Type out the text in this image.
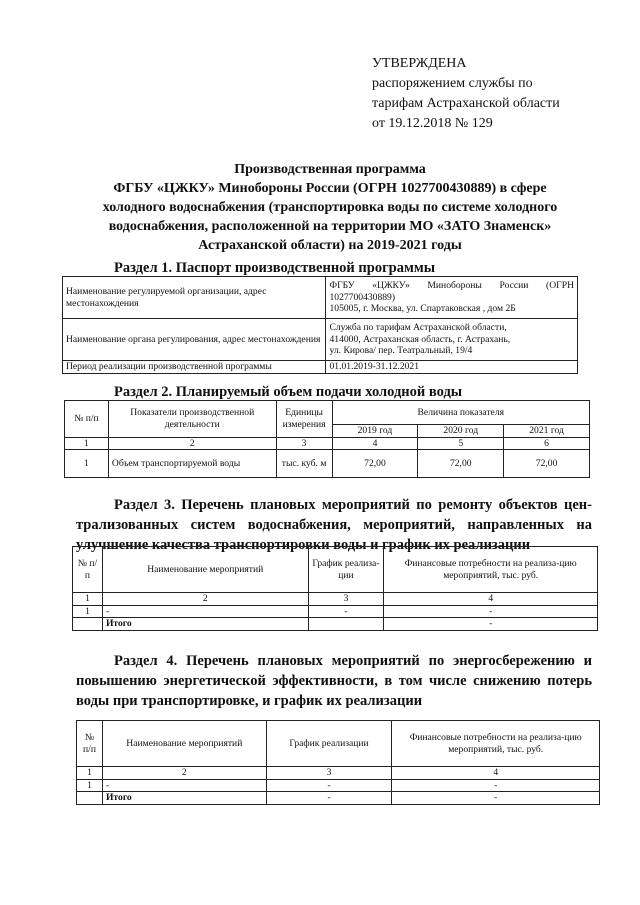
УТВЕРЖДЕНА
распоряжением службы по
тарифам Астраханской области
от 19.12.2018 № 129
Производственная программа
ФГБУ «ЦЖКУ» Минобороны России (ОГРН 1027700430889) в сфере
холодного водоснабжения (транспортировка воды по системе холодного
водоснабжения, расположенной на территории МО «ЗАТО Знаменск»
Астраханской области) на 2019-2021 годы
Раздел 1. Паспорт производственной программы
Наименование регулируемой организации, адрес местонахождения	ФГБУ «ЦЖКУ» Минобороны России (ОГРН 1027700430889)
105005, г. Москва, ул. Спартаковская , дом 2Б

Наименование органа регулирования, адрес местонахождения	Служба по тарифам Астраханской области,
414000, Астраханская область, г. Астрахань,
ул. Кирова/ пер. Театральный, 19/4

Период реализации производственной программы	01.01.2019-31.12.2021
Раздел 2. Планируемый объем подачи холодной воды
№ п/п	Показатели производственной деятельности	Единицы измерения	Величина показателя		
			2019 год	2020 год	2021 год
1	2	3	4	5	6
1	Объем транспортируемой воды	тыс. куб. м	72,00	72,00	72,00
Раздел 3. Перечень плановых мероприятий по ремонту объектов цен-
трализованных систем водоснабжения, мероприятий, направленных на
улучшение качества транспортировки воды и график их реализации
№ п/п	Наименование мероприятий	График реализа-ции	Финансовые потребности на реализа-цию мероприятий, тыс. руб.
1	2	3	4
1	-	-	-
	Итого		-
Раздел 4. Перечень плановых мероприятий по энергосбережению и
повышению энергетической эффективности, в том числе снижению потерь
воды при транспортировке, и график их реализации
№ п/п	Наименование мероприятий	График реализации	Финансовые потребности на реализа-цию мероприятий, тыс. руб.
1	2	3	4
1	-	-	-
	Итого	-	-
